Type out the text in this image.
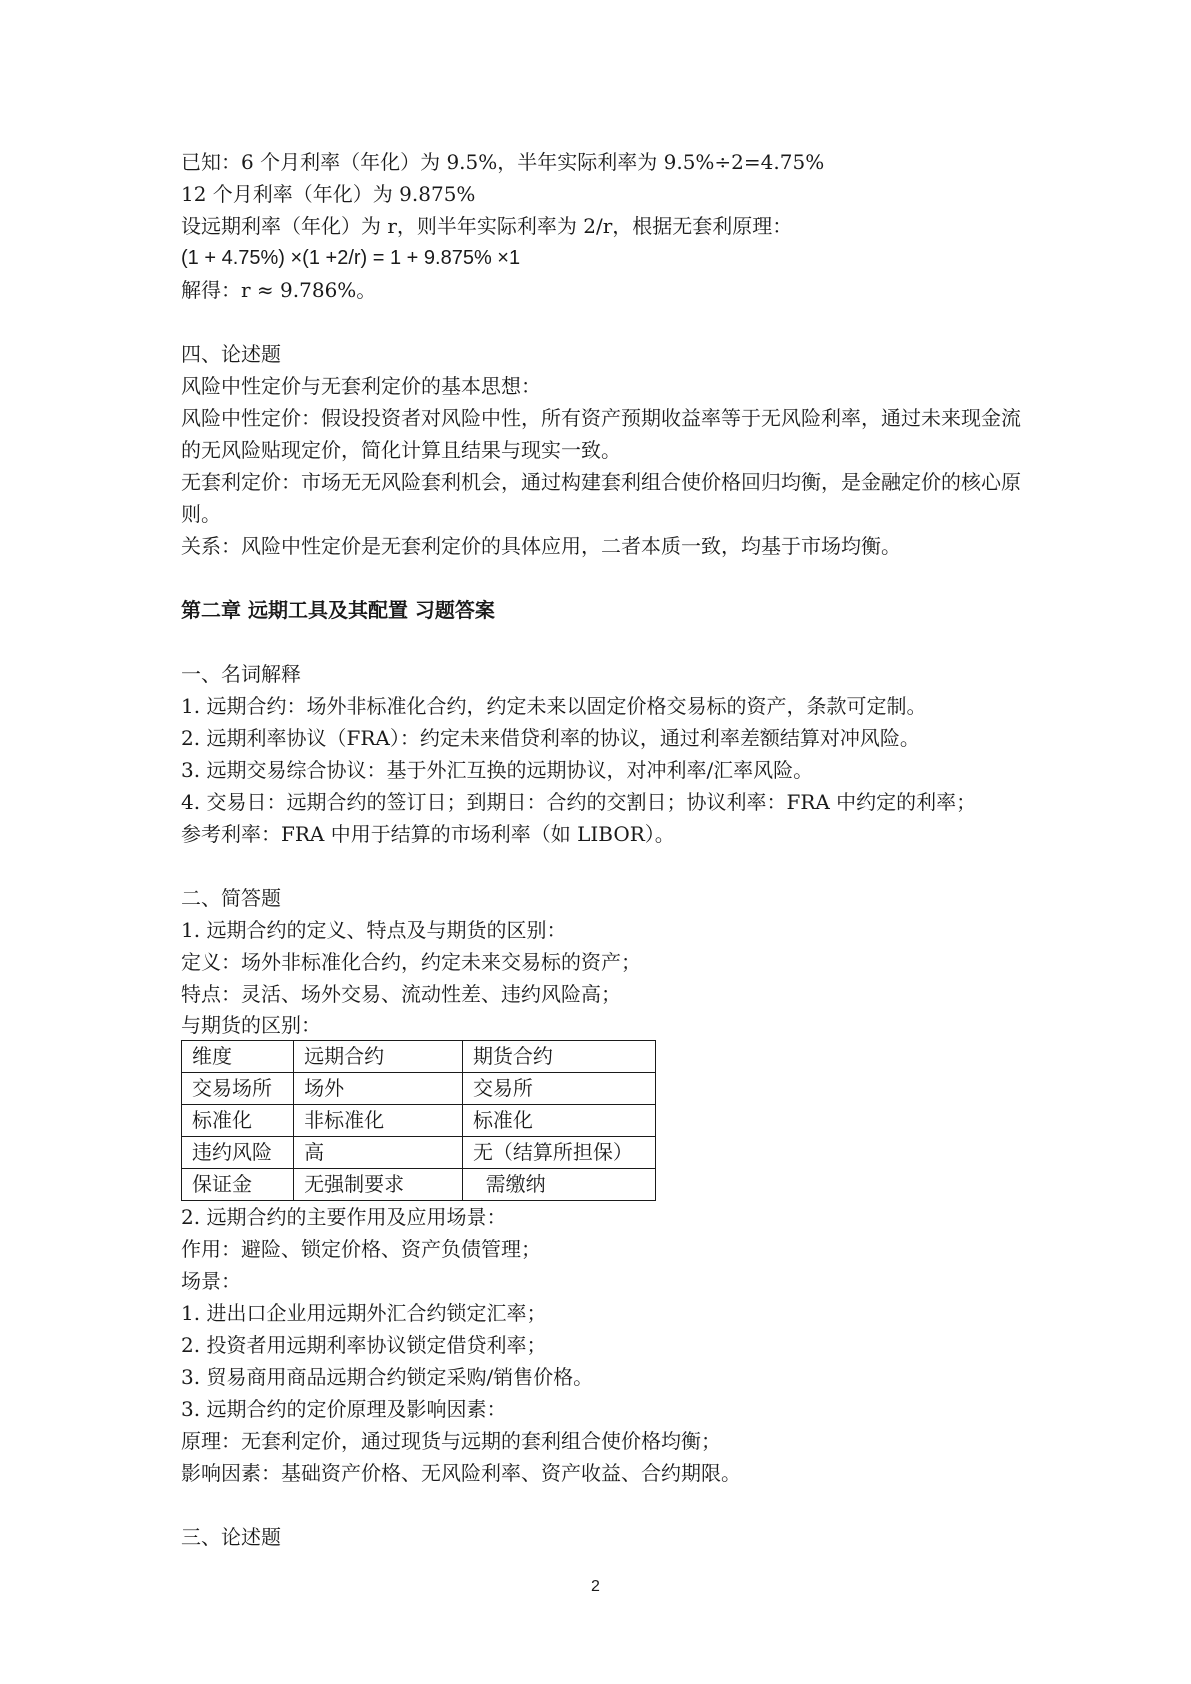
已知：6 个月利率（年化）为 9.5%，半年实际利率为 9.5%÷2=4.75%
12 个月利率（年化）为 9.875%
设远期利率（年化）为 r，则半年实际利率为 2/r，根据无套利原理：
(1 + 4.75%) ×(1 +2/r) = 1 + 9.875% ×1
解得：r ≈ 9.786%。
四、论述题
风险中性定价与无套利定价的基本思想：
风险中性定价：假设投资者对风险中性，所有资产预期收益率等于无风险利率，通过未来现金流的无风险贴现定价，简化计算且结果与现实一致。
无套利定价：市场无无风险套利机会，通过构建套利组合使价格回归均衡，是金融定价的核心原则。
关系：风险中性定价是无套利定价的具体应用，二者本质一致，均基于市场均衡。
第二章 远期工具及其配置 习题答案
一、名词解释
1. 远期合约：场外非标准化合约，约定未来以固定价格交易标的资产，条款可定制。
2. 远期利率协议（FRA）：约定未来借贷利率的协议，通过利率差额结算对冲风险。
3. 远期交易综合协议：基于外汇互换的远期协议，对冲利率/汇率风险。
4. 交易日：远期合约的签订日；到期日：合约的交割日；协议利率：FRA 中约定的利率；
参考利率：FRA 中用于结算的市场利率（如 LIBOR）。
二、简答题
1. 远期合约的定义、特点及与期货的区别：
定义：场外非标准化合约，约定未来交易标的资产；
特点：灵活、场外交易、流动性差、违约风险高；
与期货的区别：
维度	远期合约	期货合约
交易场所	场外	交易所
标准化	非标准化	标准化
违约风险	高	无（结算所担保）
保证金	无强制要求	需缴纳
2. 远期合约的主要作用及应用场景：
作用：避险、锁定价格、资产负债管理；
场景：
1. 进出口企业用远期外汇合约锁定汇率；
2. 投资者用远期利率协议锁定借贷利率；
3. 贸易商用商品远期合约锁定采购/销售价格。
3. 远期合约的定价原理及影响因素：
原理：无套利定价，通过现货与远期的套利组合使价格均衡；
影响因素：基础资产价格、无风险利率、资产收益、合约期限。
三、论述题
2
